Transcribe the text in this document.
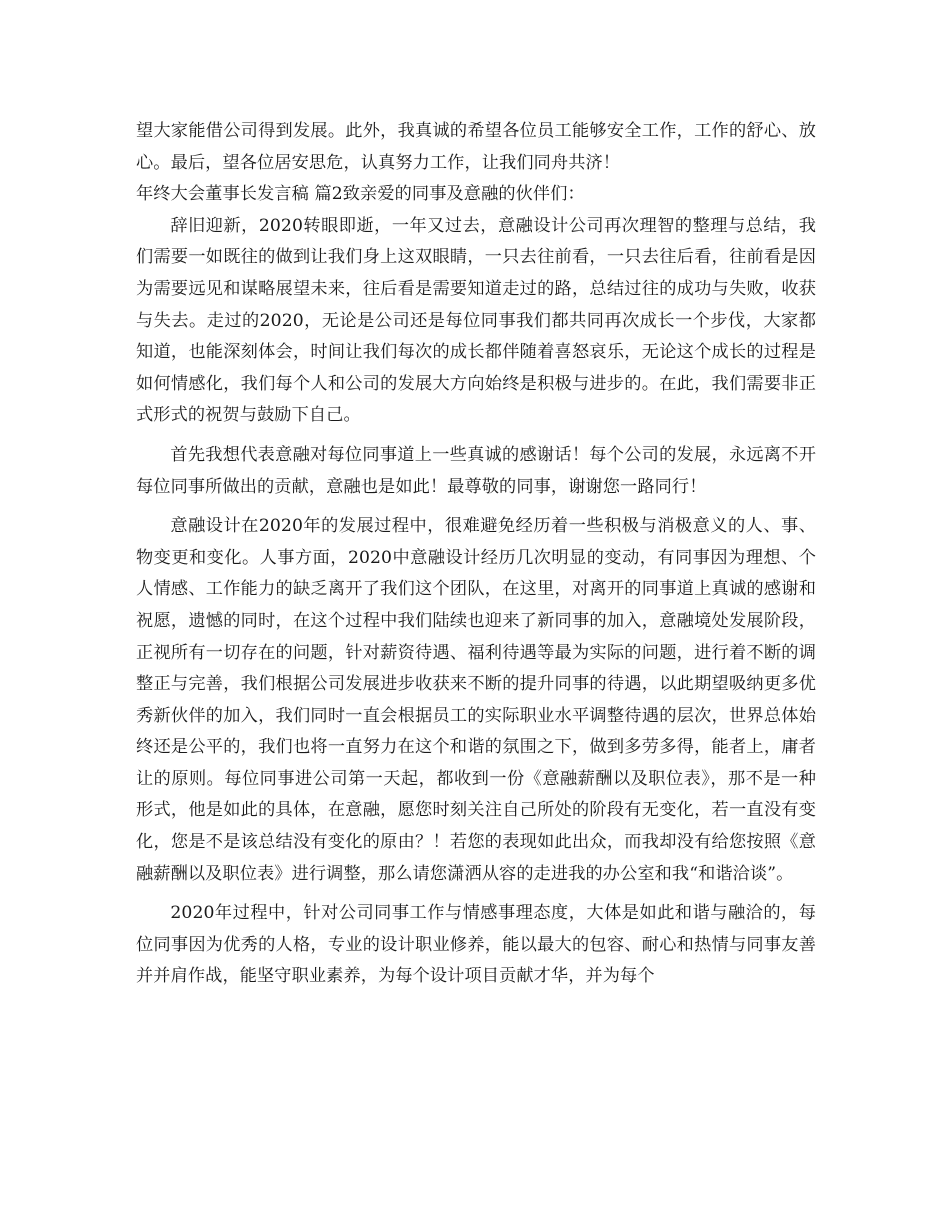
望大家能借公司得到发展。此外，我真诚的希望各位员工能够安全工作，工作的舒心、放心。最后，望各位居安思危，认真努力工作，让我们同舟共济！

年终大会董事长发言稿 篇2致亲爱的同事及意融的伙伴们：

辞旧迎新，2020转眼即逝，一年又过去，意融设计公司再次理智的整理与总结，我们需要一如既往的做到让我们身上这双眼睛，一只去往前看，一只去往后看，往前看是因为需要远见和谋略展望未来，往后看是需要知道走过的路，总结过往的成功与失败，收获与失去。走过的2020，无论是公司还是每位同事我们都共同再次成长一个步伐，大家都知道，也能深刻体会，时间让我们每次的成长都伴随着喜怒哀乐，无论这个成长的过程是如何情感化，我们每个人和公司的发展大方向始终是积极与进步的。在此，我们需要非正式形式的祝贺与鼓励下自己。

首先我想代表意融对每位同事道上一些真诚的感谢话！每个公司的发展，永远离不开每位同事所做出的贡献，意融也是如此！最尊敬的同事，谢谢您一路同行！

意融设计在2020年的发展过程中，很难避免经历着一些积极与消极意义的人、事、物变更和变化。人事方面，2020中意融设计经历几次明显的变动，有同事因为理想、个人情感、工作能力的缺乏离开了我们这个团队，在这里，对离开的同事道上真诚的感谢和祝愿，遗憾的同时，在这个过程中我们陆续也迎来了新同事的加入，意融境处发展阶段，正视所有一切存在的问题，针对薪资待遇、福利待遇等最为实际的问题，进行着不断的调整正与完善，我们根据公司发展进步收获来不断的提升同事的待遇，以此期望吸纳更多优秀新伙伴的加入，我们同时一直会根据员工的实际职业水平调整待遇的层次，世界总体始终还是公平的，我们也将一直努力在这个和谐的氛围之下，做到多劳多得，能者上，庸者让的原则。每位同事进公司第一天起，都收到一份《意融薪酬以及职位表》，那不是一种形式，他是如此的具体，在意融，愿您时刻关注自己所处的阶段有无变化，若一直没有变化，您是不是该总结没有变化的原由？！若您的表现如此出众，而我却没有给您按照《意融薪酬以及职位表》进行调整，那么请您潇洒从容的走进我的办公室和我“和谐洽谈”。

2020年过程中，针对公司同事工作与情感事理态度，大体是如此和谐与融洽的，每位同事因为优秀的人格，专业的设计职业修养，能以最大的包容、耐心和热情与同事友善并并肩作战，能坚守职业素养，为每个设计项目贡献才华，并为每个
